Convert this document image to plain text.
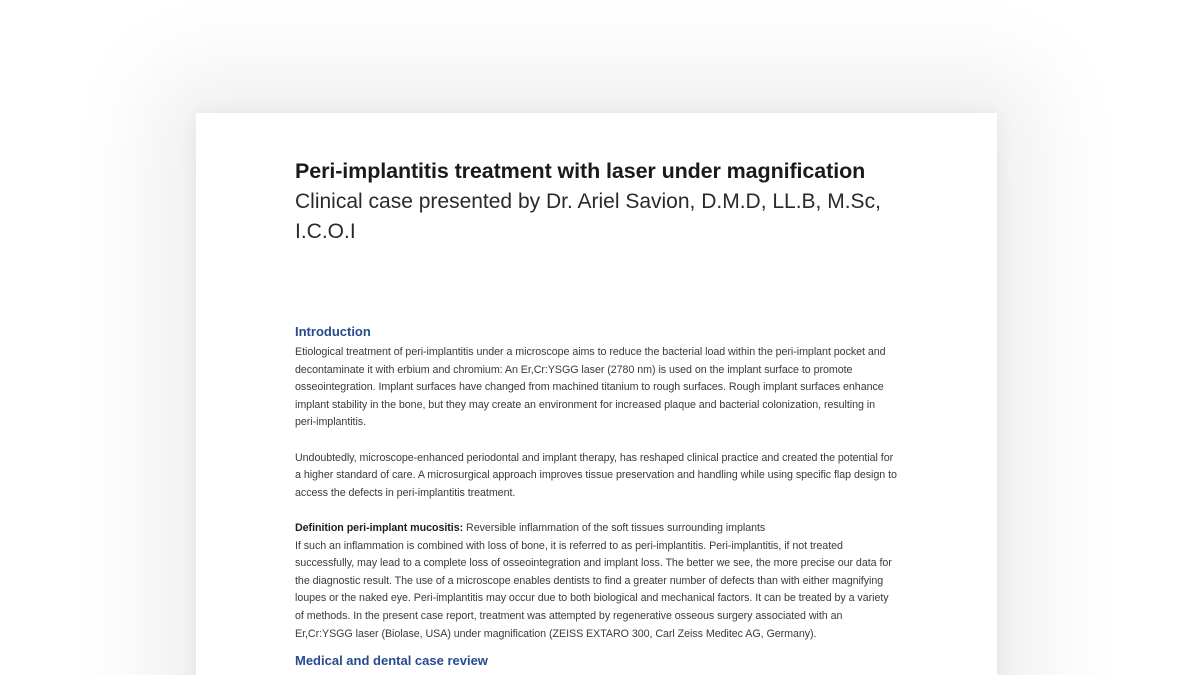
Peri-implantitis treatment with laser under magnification
Clinical case presented by Dr. Ariel Savion, D.M.D, LL.B, M.Sc, I.C.O.I
Introduction

Etiological treatment of peri-implantitis under a microscope aims to reduce the bacterial load within the peri-implant pocket and decontaminate it with erbium and chromium: An Er,Cr:YSGG laser (2780 nm) is used on the implant surface to promote osseointegration. Implant surfaces have changed from machined titanium to rough surfaces. Rough implant surfaces enhance implant stability in the bone, but they may create an environment for increased plaque and bacterial colonization, resulting in peri-implantitis.

Undoubtedly, microscope-enhanced periodontal and implant therapy, has reshaped clinical practice and created the potential for a higher standard of care. A microsurgical approach improves tissue preservation and handling while using specific flap design to access the defects in peri-implantitis treatment.

Definition peri-implant mucositis: Reversible inflammation of the soft tissues surrounding implants
If such an inflammation is combined with loss of bone, it is referred to as peri-implantitis. Peri-implantitis, if not treated successfully, may lead to a complete loss of osseointegration and implant loss. The better we see, the more precise our data for the diagnostic result. The use of a microscope enables dentists to find a greater number of defects than with either magnifying loupes or the naked eye. Peri-implantitis may occur due to both biological and mechanical factors. It can be treated by a variety of methods. In the present case report, treatment was attempted by regenerative osseous surgery associated with an Er,Cr:YSGG laser (Biolase, USA) under magnification (ZEISS EXTARO 300, Carl Zeiss Meditec AG, Germany).

Medical and dental case review
